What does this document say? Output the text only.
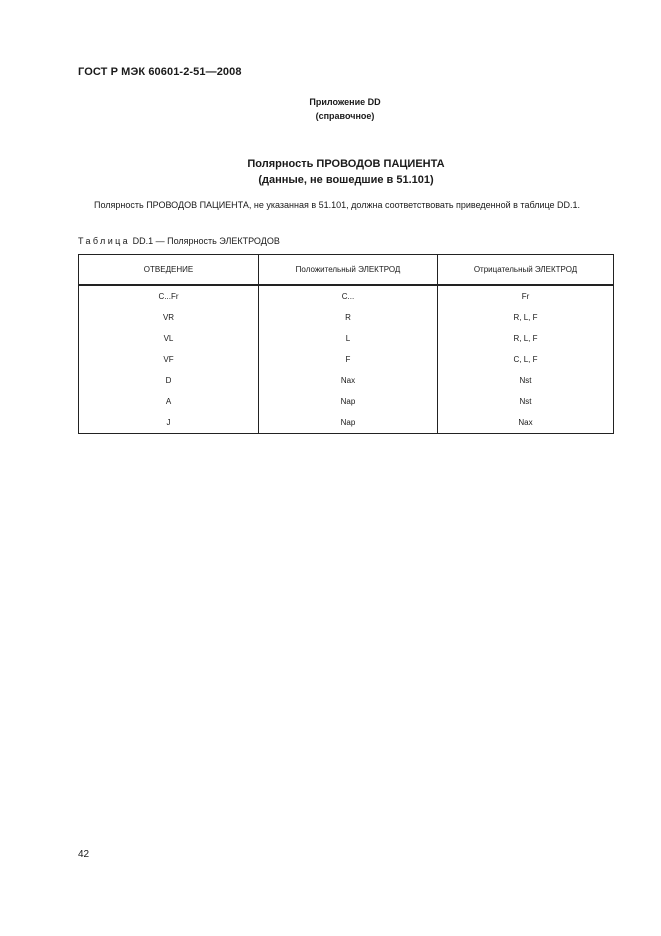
ГОСТ Р МЭК 60601-2-51—2008
Приложение DD
(справочное)
Полярность ПРОВОДОВ ПАЦИЕНТА
(данные, не вошедшие в 51.101)
Полярность ПРОВОДОВ ПАЦИЕНТА, не указанная в 51.101, должна соответствовать приведенной в таблице DD.1.
Таблица DD.1 — Полярность ЭЛЕКТРОДОВ
ОТВЕДЕНИЕ	Положительный ЭЛЕКТРОД	Отрицательный ЭЛЕКТРОД
C...Fr	C...	Fr
VR	R	R, L, F
VL	L	R, L, F
VF	F	C, L, F
D	Nax	Nst
A	Nap	Nst
J	Nap	Nax
42
